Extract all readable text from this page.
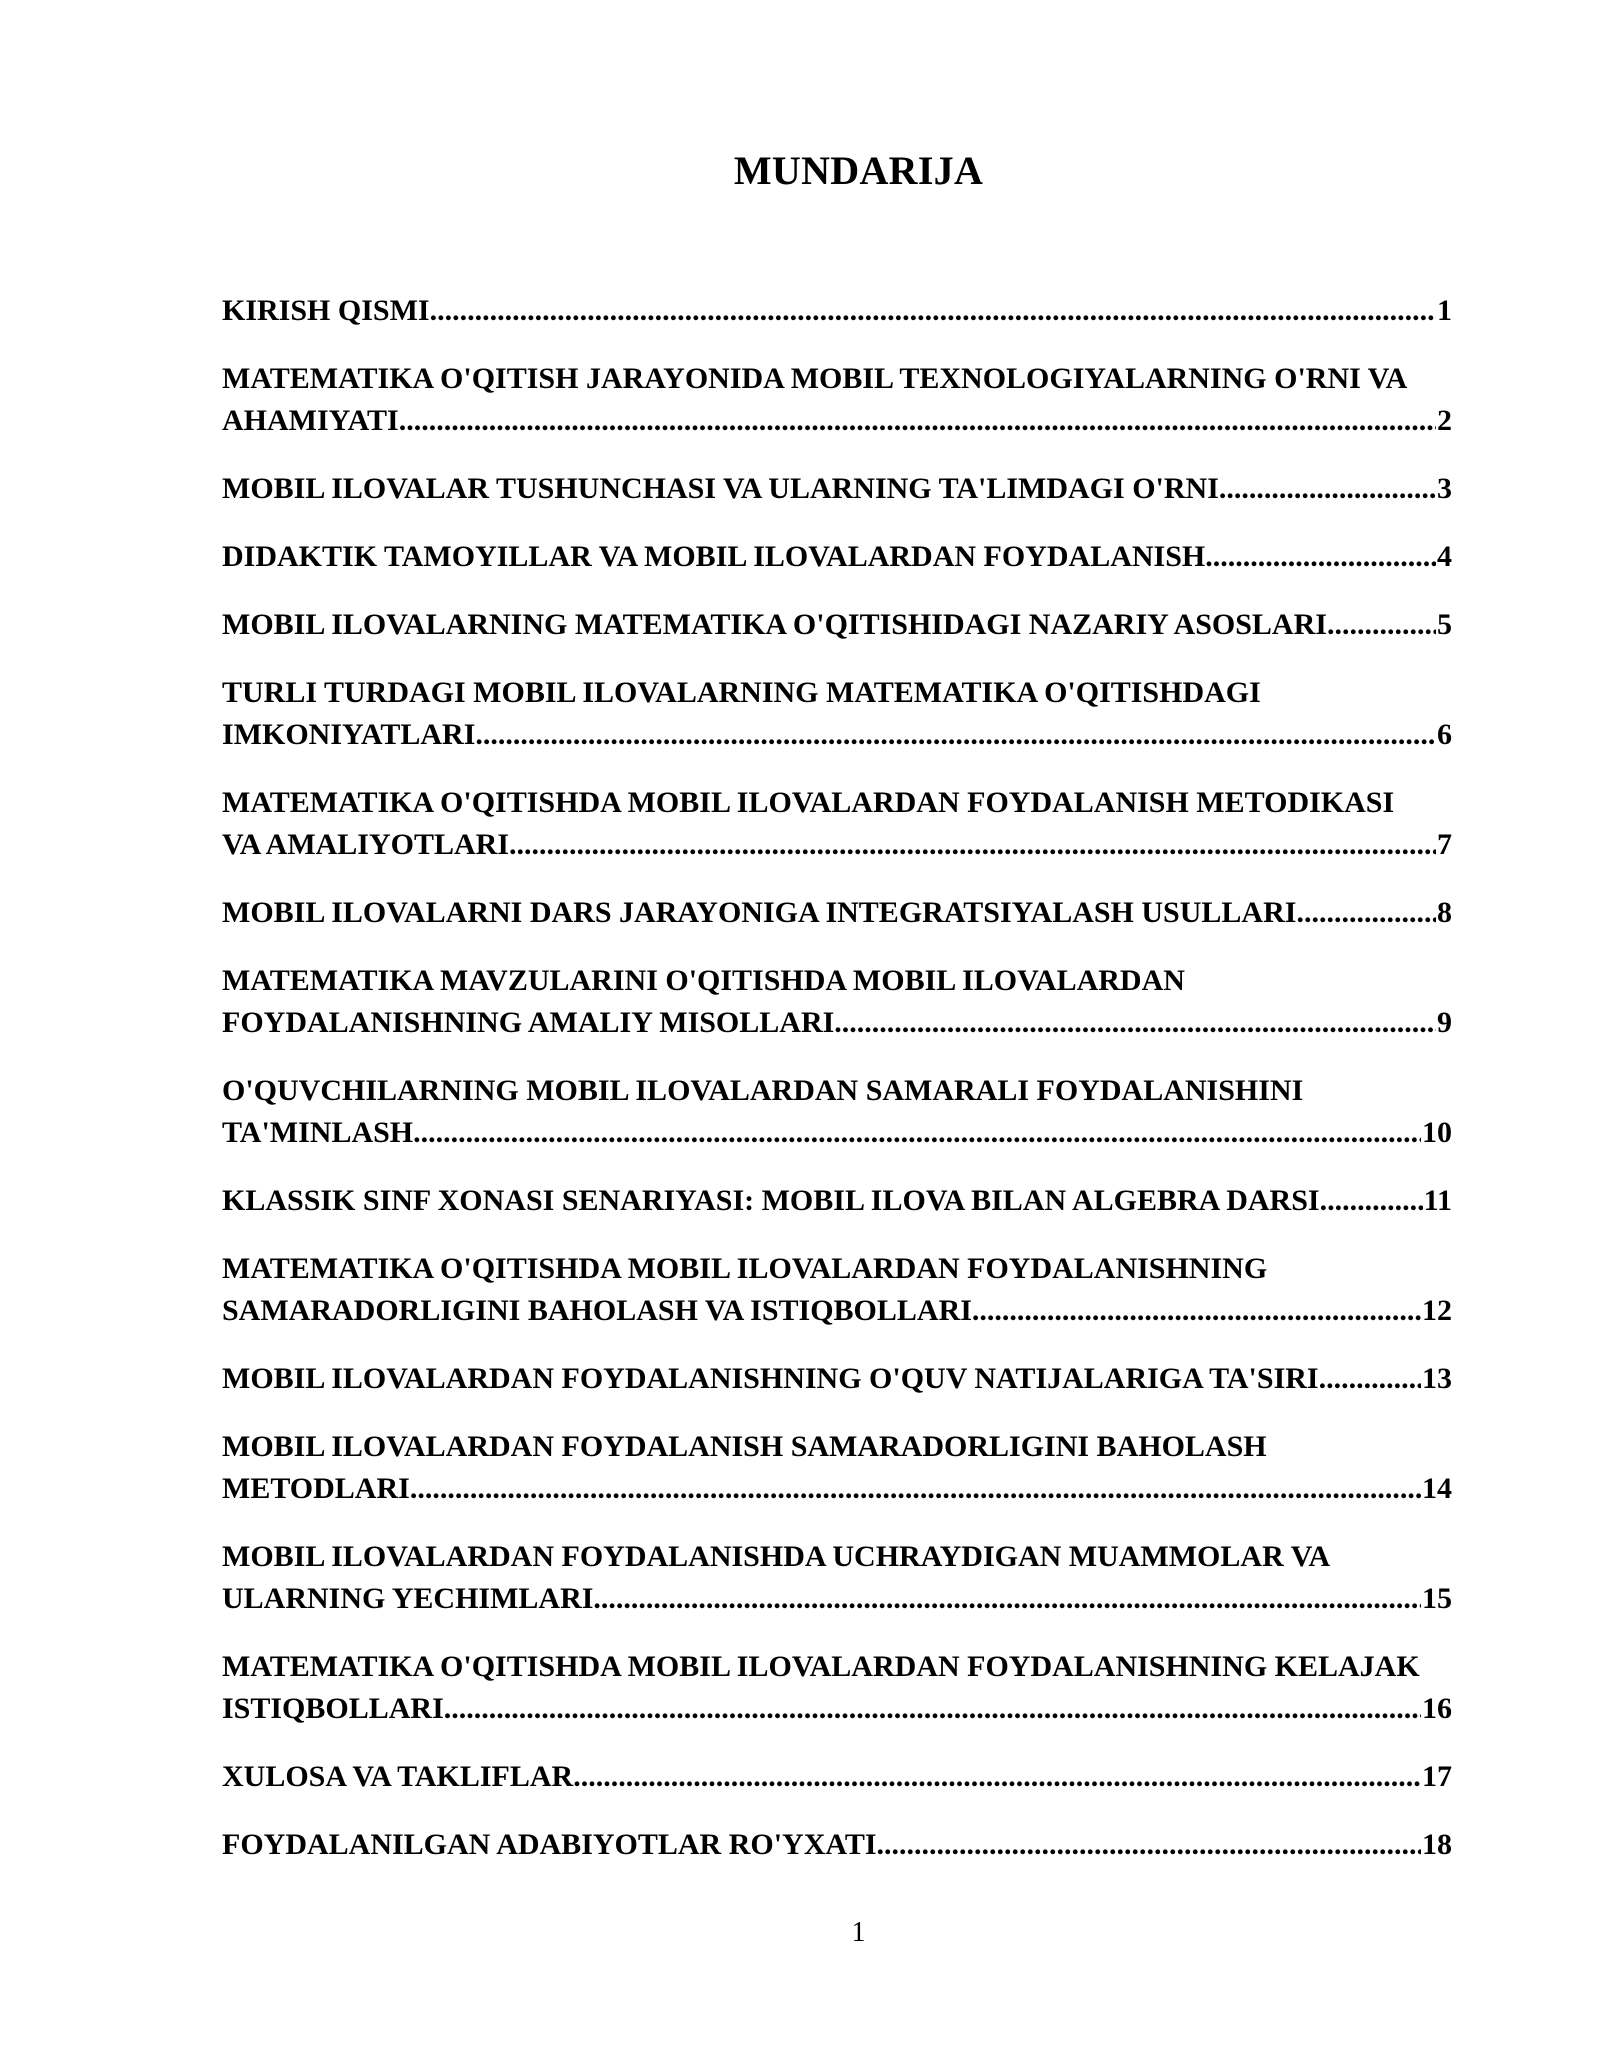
MUNDARIJA
KIRISH QISMI .....	1
MATEMATIKA O'QITISH JARAYONIDA MOBIL TEXNOLOGIYALARNING O'RNI VA
AHAMIYATI .....	2
MOBIL ILOVALAR TUSHUNCHASI VA ULARNING TA'LIMDAGI O'RNI .....	3
DIDAKTIK TAMOYILLAR VA MOBIL ILOVALARDAN FOYDALANISH .....	4
MOBIL ILOVALARNING MATEMATIKA O'QITISHIDAGI NAZARIY ASOSLARI .....	5
TURLI TURDAGI MOBIL ILOVALARNING MATEMATIKA O'QITISHDAGI
IMKONIYATLARI .....	6
MATEMATIKA O'QITISHDA MOBIL ILOVALARDAN FOYDALANISH METODIKASI
VA AMALIYOTLARI .....	7
MOBIL ILOVALARNI DARS JARAYONIGA INTEGRATSIYALASH USULLARI .....	8
MATEMATIKA MAVZULARINI O'QITISHDA MOBIL ILOVALARDAN
FOYDALANISHNING AMALIY MISOLLARI .....	9
O'QUVCHILARNING MOBIL ILOVALARDAN SAMARALI FOYDALANISHINI
TA'MINLASH .....	10
KLASSIK SINF XONASI SENARIYASI: MOBIL ILOVA BILAN ALGEBRA DARSI .....	11
MATEMATIKA O'QITISHDA MOBIL ILOVALARDAN FOYDALANISHNING
SAMARADORLIGINI BAHOLASH VA ISTIQBOLLARI .....	12
MOBIL ILOVALARDAN FOYDALANISHNING O'QUV NATIJALARIGA TA'SIRI .....	13
MOBIL ILOVALARDAN FOYDALANISH SAMARADORLIGINI BAHOLASH
METODLARI .....	14
MOBIL ILOVALARDAN FOYDALANISHDA UCHRAYDIGAN MUAMMOLAR VA
ULARNING YECHIMLARI .....	15
MATEMATIKA O'QITISHDA MOBIL ILOVALARDAN FOYDALANISHNING KELAJAK
ISTIQBOLLARI .....	16
XULOSA VA TAKLIFLAR .....	17
FOYDALANILGAN ADABIYOTLAR RO'YXATI .....	18
1
